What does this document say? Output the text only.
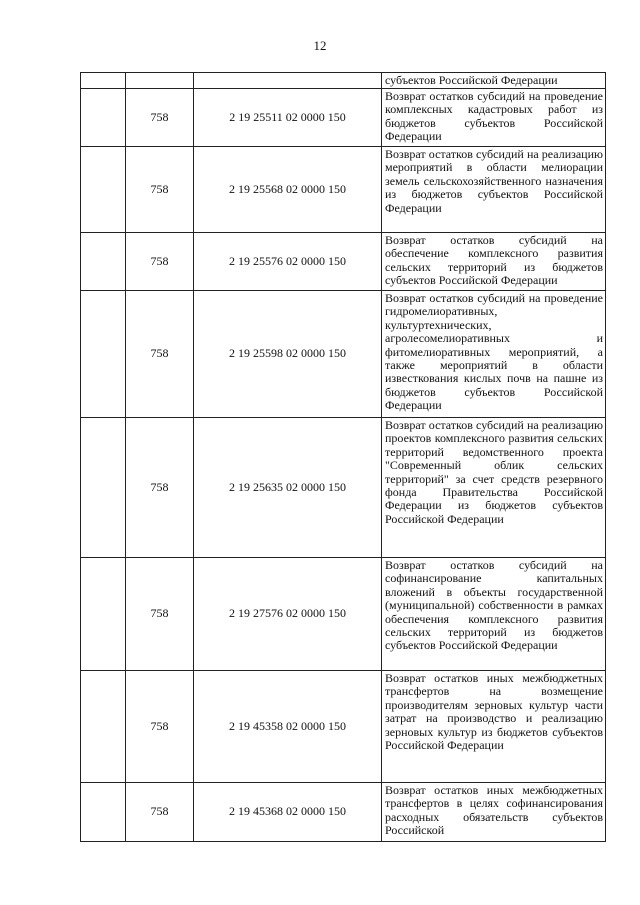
12
			субъектов Российской Федерации
	758	2 19 25511 02 0000 150	Возврат остатков субсидий на проведение комплексных кадастровых работ из бюджетов субъектов Российской Федерации
	758	2 19 25568 02 0000 150	Возврат остатков субсидий на реализацию мероприятий в области мелиорации земель сельскохозяйственного назначения из бюджетов субъектов Российской Федерации
	758	2 19 25576 02 0000 150	Возврат остатков субсидий на обеспечение комплексного развития сельских территорий из бюджетов субъектов Российской Федерации
	758	2 19 25598 02 0000 150	Возврат остатков субсидий на проведение гидромелиоративных, культуртехнических, агролесомелиоративных и фитомелиоративных мероприятий, а также мероприятий в области известкования кислых почв на пашне из бюджетов субъектов Российской Федерации
	758	2 19 25635 02 0000 150	Возврат остатков субсидий на реализацию проектов комплексного развития сельских территорий ведомственного проекта "Современный облик сельских территорий" за счет средств резервного фонда Правительства Российской Федерации из бюджетов субъектов Российской Федерации
	758	2 19 27576 02 0000 150	Возврат остатков субсидий на софинансирование капитальных вложений в объекты государственной (муниципальной) собственности в рамках обеспечения комплексного развития сельских территорий из бюджетов субъектов Российской Федерации
	758	2 19 45358 02 0000 150	Возврат остатков иных межбюджетных трансфертов на возмещение производителям зерновых культур части затрат на производство и реализацию зерновых культур из бюджетов субъектов Российской Федерации
	758	2 19 45368 02 0000 150	Возврат остатков иных межбюджетных трансфертов в целях софинансирования расходных обязательств субъектов Российской
